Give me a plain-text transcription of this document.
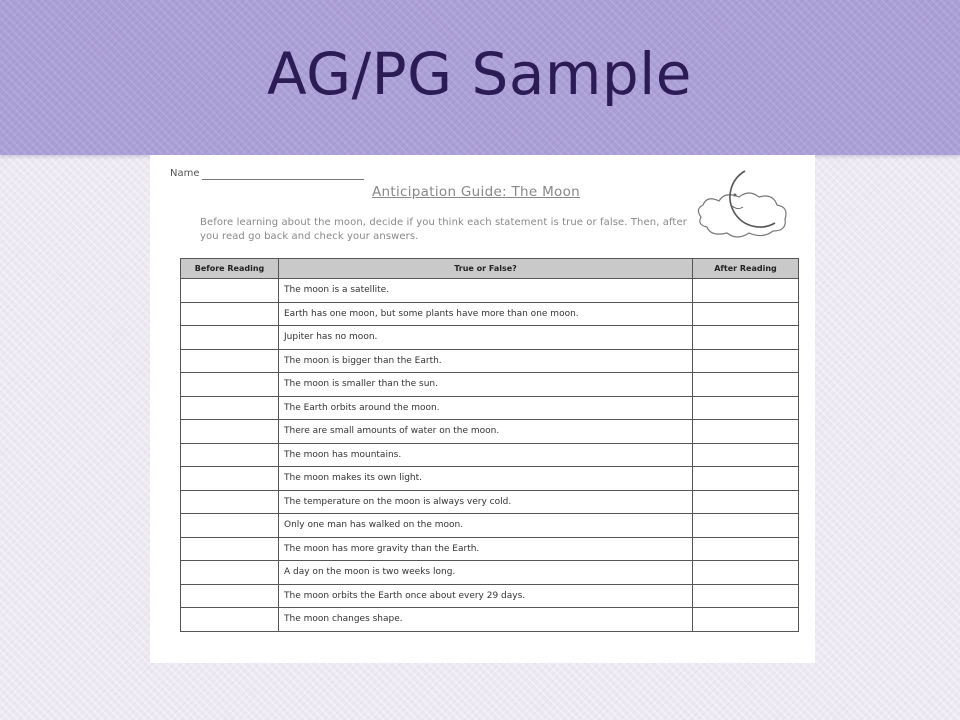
AG/PG Sample
Name
Anticipation Guide: The Moon

Before learning about the moon, decide if you think each statement is true or false. Then, after you read go back and check your answers.

Before Reading	True or False?	After Reading
	The moon is a satellite.	
	Earth has one moon, but some plants have more than one moon.	
	Jupiter has no moon.	
	The moon is bigger than the Earth.	
	The moon is smaller than the sun.	
	The Earth orbits around the moon.	
	There are small amounts of water on the moon.	
	The moon has mountains.	
	The moon makes its own light.	
	The temperature on the moon is always very cold.	
	Only one man has walked on the moon.	
	The moon has more gravity than the Earth.	
	A day on the moon is two weeks long.	
	The moon orbits the Earth once about every 29 days.	
	The moon changes shape.	
